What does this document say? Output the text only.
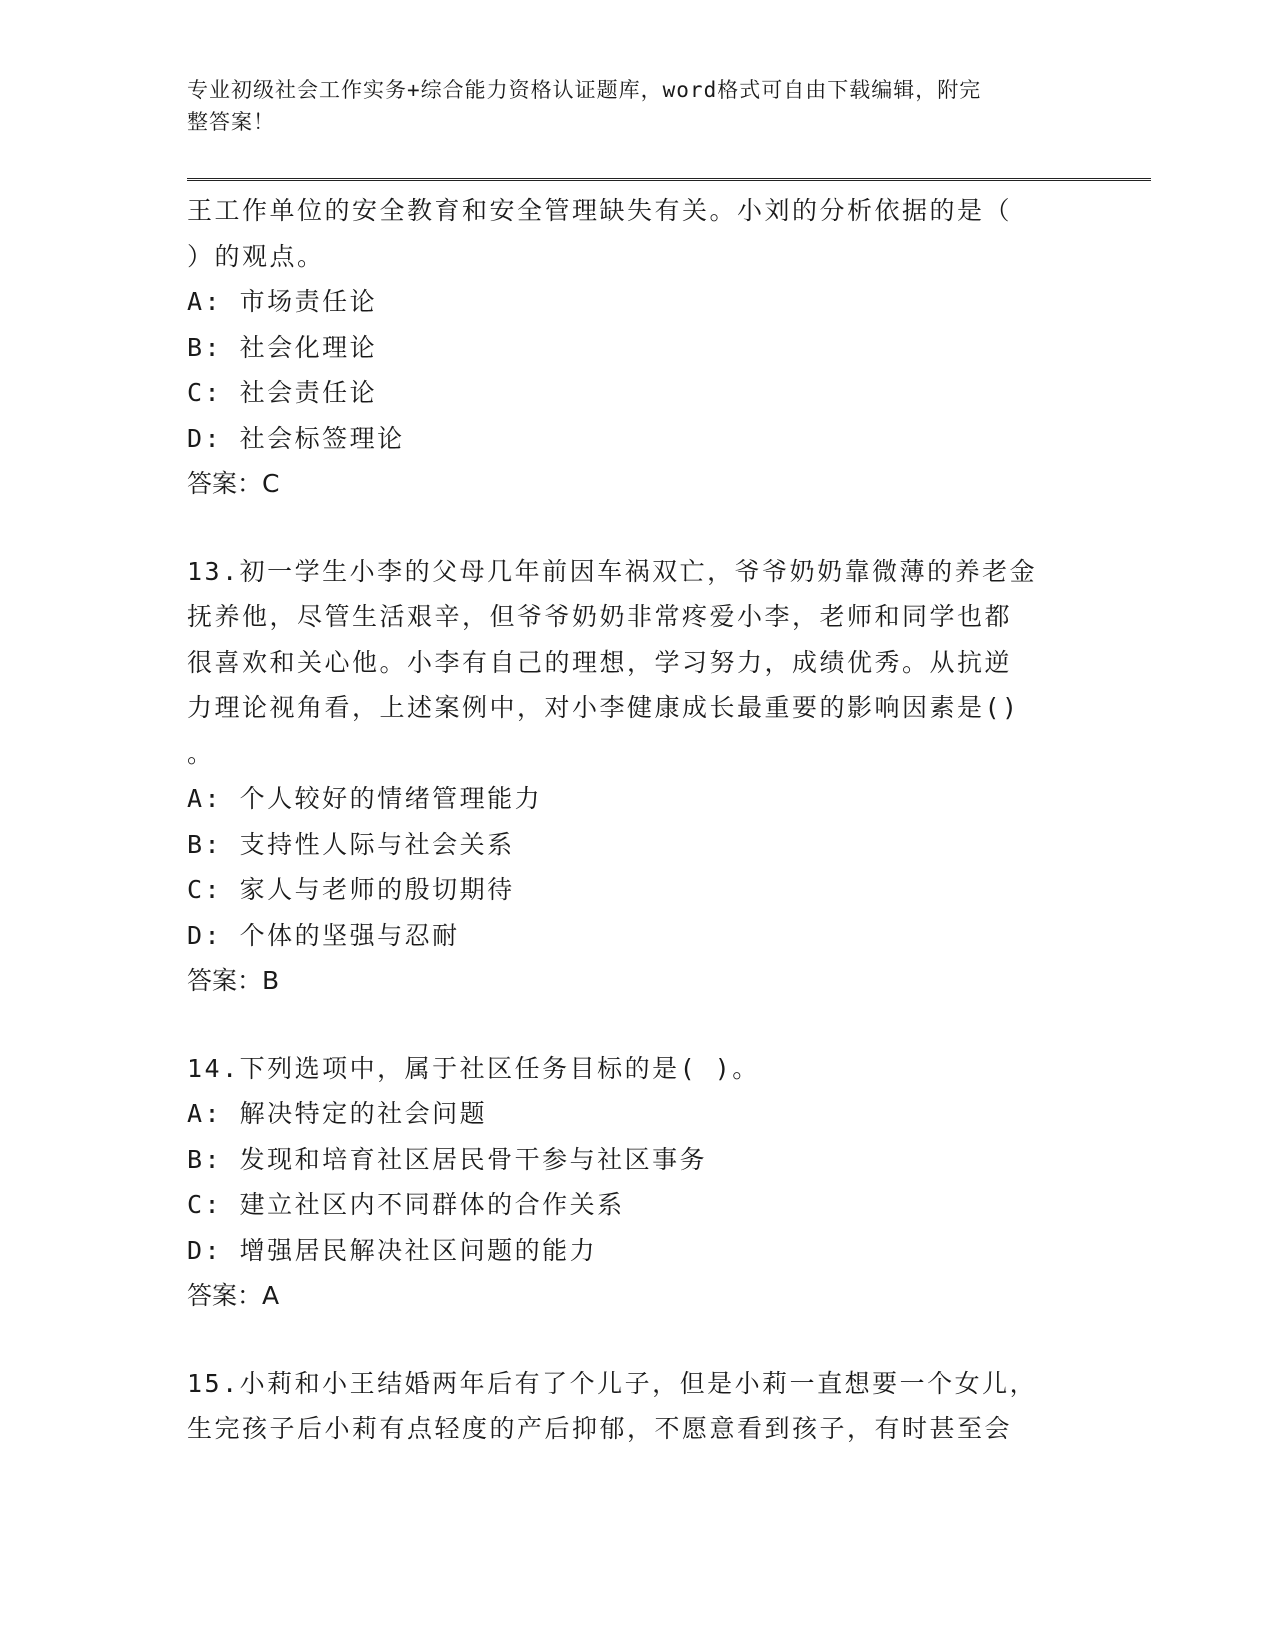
专业初级社会工作实务+综合能力资格认证题库，word格式可自由下载编辑，附完
整答案！
王工作单位的安全教育和安全管理缺失有关。小刘的分析依据的是（
）的观点。
A: 市场责任论
B: 社会化理论
C: 社会责任论
D: 社会标签理论
答案：C
13.初一学生小李的父母几年前因车祸双亡，爷爷奶奶靠微薄的养老金
抚养他，尽管生活艰辛，但爷爷奶奶非常疼爱小李，老师和同学也都
很喜欢和关心他。小李有自己的理想，学习努力，成绩优秀。从抗逆
力理论视角看，上述案例中，对小李健康成长最重要的影响因素是()
。
A: 个人较好的情绪管理能力
B: 支持性人际与社会关系
C: 家人与老师的殷切期待
D: 个体的坚强与忍耐
答案：B
14.下列选项中，属于社区任务目标的是( )。
A: 解决特定的社会问题
B: 发现和培育社区居民骨干参与社区事务
C: 建立社区内不同群体的合作关系
D: 增强居民解决社区问题的能力
答案：A
15.小莉和小王结婚两年后有了个儿子，但是小莉一直想要一个女儿，
生完孩子后小莉有点轻度的产后抑郁，不愿意看到孩子，有时甚至会
